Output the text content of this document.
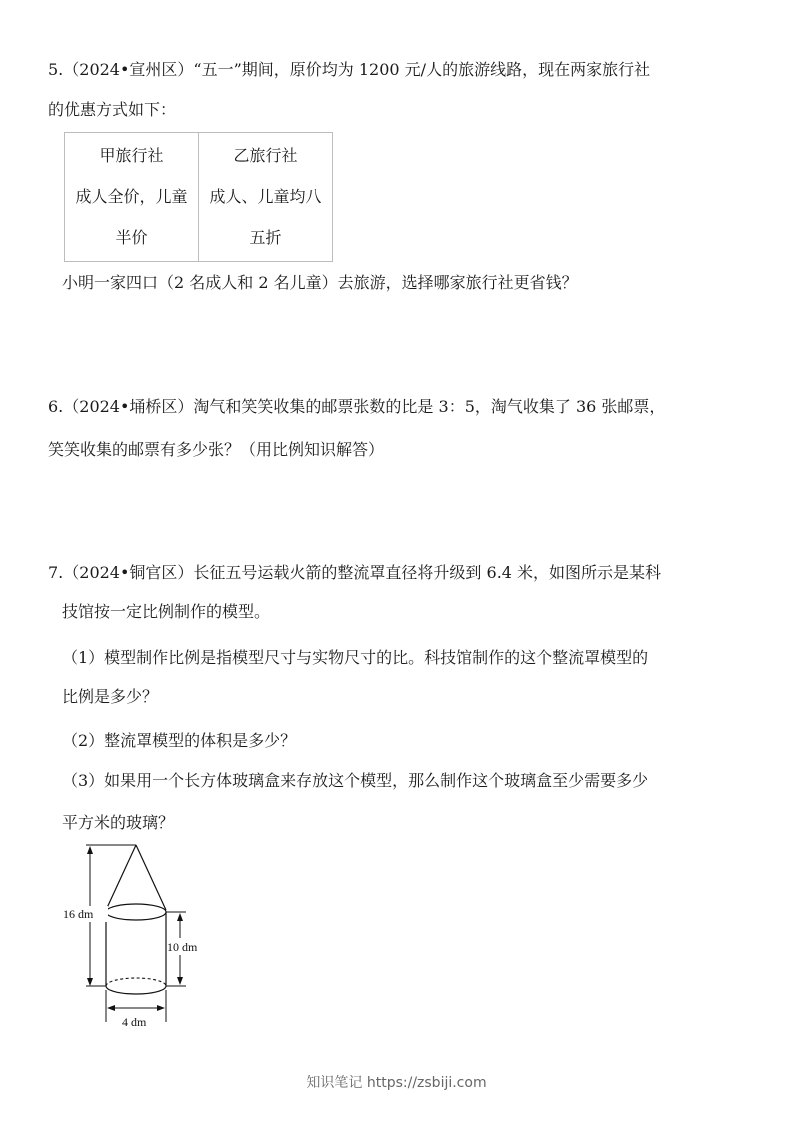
5.（2024•宣州区）“五一”期间，原价均为 1200 元/人的旅游线路，现在两家旅行社
的优惠方式如下：
甲旅行社
成人全价，儿童
半价

乙旅行社
成人、儿童均八
五折
小明一家四口（2 名成人和 2 名儿童）去旅游，选择哪家旅行社更省钱？
6.（2024•埇桥区）淘气和笑笑收集的邮票张数的比是 3：5，淘气收集了 36 张邮票，
笑笑收集的邮票有多少张？（用比例知识解答）
7.（2024•铜官区）长征五号运载火箭的整流罩直径将升级到 6.4 米，如图所示是某科
技馆按一定比例制作的模型。
（1）模型制作比例是指模型尺寸与实物尺寸的比。科技馆制作的这个整流罩模型的
比例是多少？
（2）整流罩模型的体积是多少？
（3）如果用一个长方体玻璃盒来存放这个模型，那么制作这个玻璃盒至少需要多少
平方米的玻璃？
16 dm
10 dm
4 dm
知识笔记 https://zsbiji.com
